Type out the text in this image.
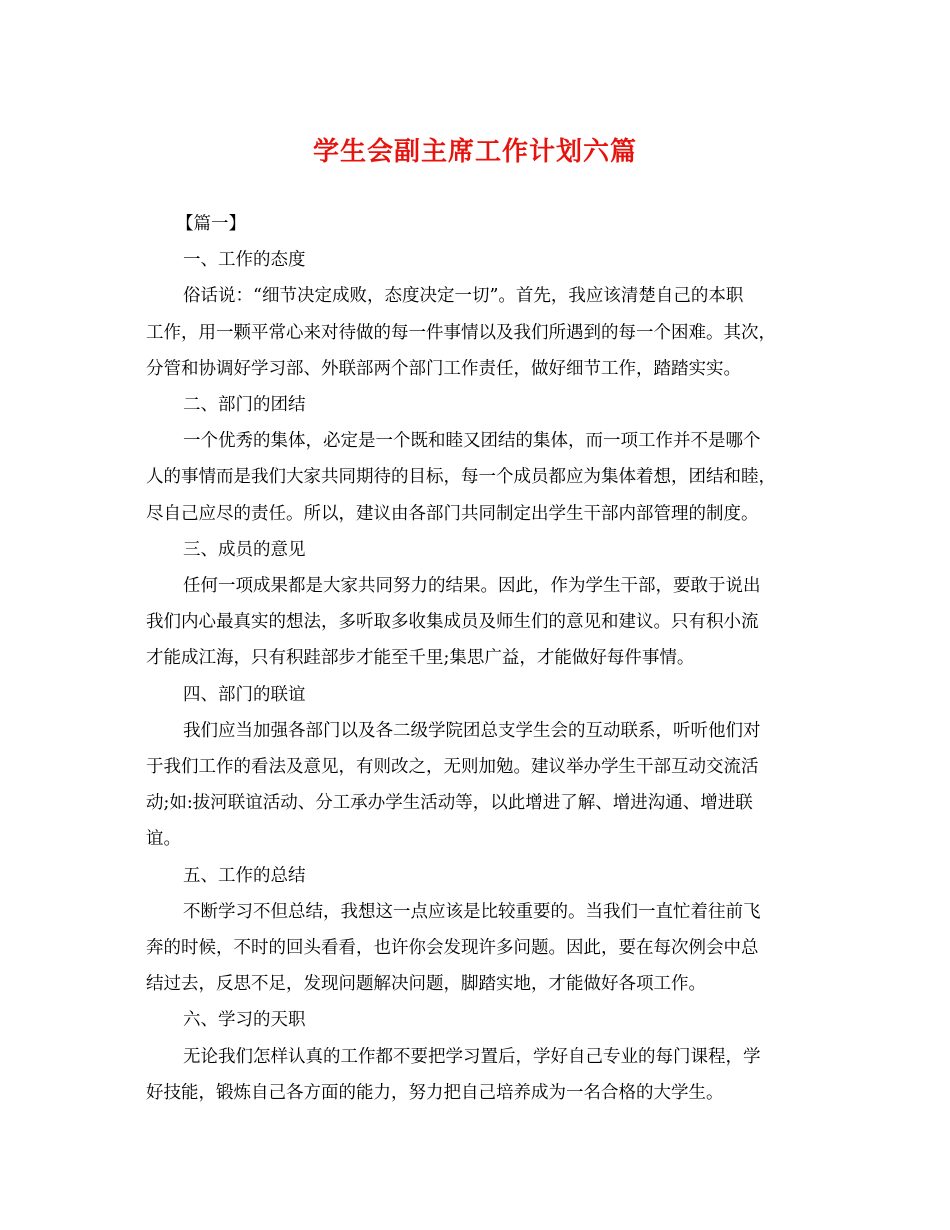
学生会副主席工作计划六篇

【篇一】

一、工作的态度

俗话说：“细节决定成败，态度决定一切”。首先，我应该清楚自己的本职

工作，用一颗平常心来对待做的每一件事情以及我们所遇到的每一个困难。其次，

分管和协调好学习部、外联部两个部门工作责任，做好细节工作，踏踏实实。

二、部门的团结

一个优秀的集体，必定是一个既和睦又团结的集体，而一项工作并不是哪个

人的事情而是我们大家共同期待的目标，每一个成员都应为集体着想，团结和睦，

尽自己应尽的责任。所以，建议由各部门共同制定出学生干部内部管理的制度。

三、成员的意见

任何一项成果都是大家共同努力的结果。因此，作为学生干部，要敢于说出

我们内心最真实的想法，多听取多收集成员及师生们的意见和建议。只有积小流

才能成江海，只有积跬部步才能至千里;集思广益，才能做好每件事情。

四、部门的联谊

我们应当加强各部门以及各二级学院团总支学生会的互动联系，听听他们对

于我们工作的看法及意见，有则改之，无则加勉。建议举办学生干部互动交流活

动;如:拔河联谊活动、分工承办学生活动等，以此增进了解、增进沟通、增进联

谊。

五、工作的总结

不断学习不但总结，我想这一点应该是比较重要的。当我们一直忙着往前飞

奔的时候，不时的回头看看，也许你会发现许多问题。因此，要在每次例会中总

结过去，反思不足，发现问题解决问题，脚踏实地，才能做好各项工作。

六、学习的天职

无论我们怎样认真的工作都不要把学习置后，学好自己专业的每门课程，学

好技能，锻炼自己各方面的能力，努力把自己培养成为一名合格的大学生。
